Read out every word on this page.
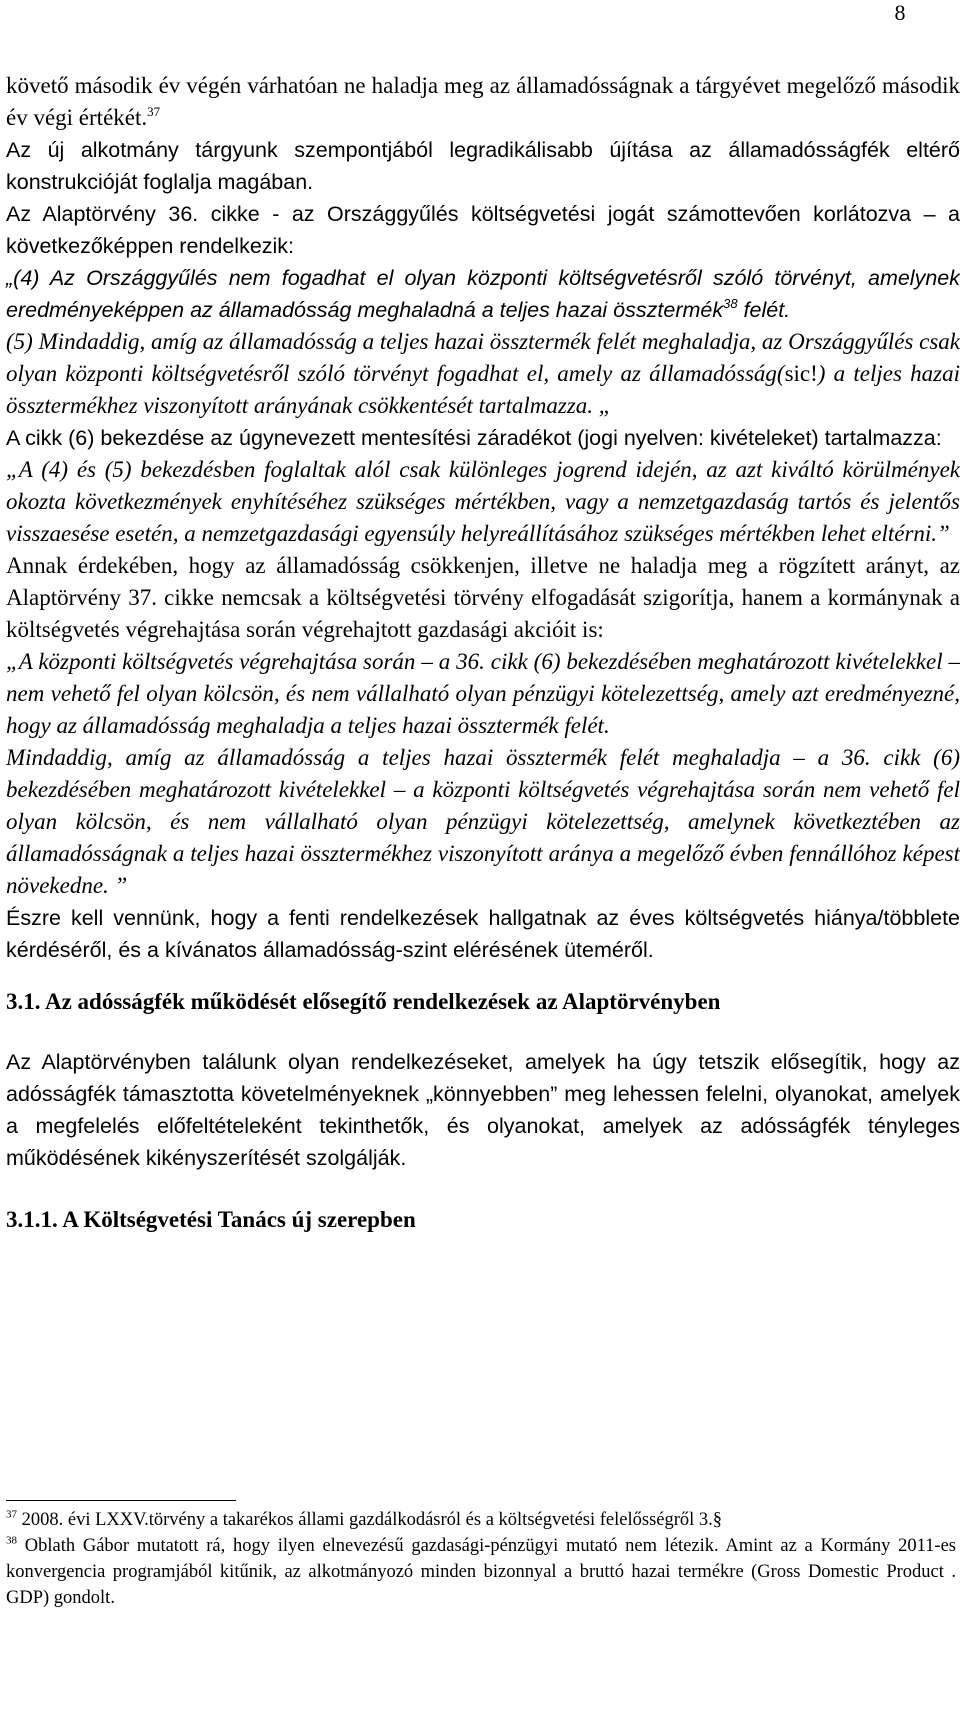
8

követő második év végén várhatóan ne haladja meg az államadósságnak a tárgyévet megelőző második év végi értékét.$^{37}$

Az új alkotmány tárgyunk szempontjából legradikálisabb újítása az államadósságfék eltérő konstrukcióját foglalja magában.

Az Alaptörvény 36. cikke - az Országgyűlés költségvetési jogát számottevően korlátozva – a következőképpen rendelkezik:

„(4) Az Országgyűlés nem fogadhat el olyan központi költségvetésről szóló törvényt, amelynek eredményeképpen az államadósság meghaladná a teljes hazai össztermék$^{38}$ felét.

(5) Mindaddig, amíg az államadósság a teljes hazai össztermék felét meghaladja, az Országgyűlés csak olyan központi költségvetésről szóló törvényt fogadhat el, amely az államadósság(sic!) a teljes hazai össztermékhez viszonyított arányának csökkentését tartalmazza. „

A cikk (6) bekezdése az úgynevezett mentesítési záradékot (jogi nyelven: kivételeket) tartalmazza:

„A (4) és (5) bekezdésben foglaltak alól csak különleges jogrend idején, az azt kiváltó körülmények okozta következmények enyhítéséhez szükséges mértékben, vagy a nemzetgazdaság tartós és jelentős visszaesése esetén, a nemzetgazdasági egyensúly helyreállításához szükséges mértékben lehet eltérni.”

Annak érdekében, hogy az államadósság csökkenjen, illetve ne haladja meg a rögzített arányt, az Alaptörvény 37. cikke nemcsak a költségvetési törvény elfogadását szigorítja, hanem a kormánynak a költségvetés végrehajtása során végrehajtott gazdasági akcióit is:

„A központi költségvetés végrehajtása során – a 36. cikk (6) bekezdésében meghatározott kivételekkel – nem vehető fel olyan kölcsön, és nem vállalható olyan pénzügyi kötelezettség, amely azt eredményezné, hogy az államadósság meghaladja a teljes hazai össztermék felét.

Mindaddig, amíg az államadósság a teljes hazai össztermék felét meghaladja – a 36. cikk (6) bekezdésében meghatározott kivételekkel – a központi költségvetés végrehajtása során nem vehető fel olyan kölcsön, és nem vállalható olyan pénzügyi kötelezettség, amelynek következtében az államadósságnak a teljes hazai össztermékhez viszonyított aránya a megelőző évben fennállóhoz képest növekedne. ”

Észre kell vennünk, hogy a fenti rendelkezések hallgatnak az éves költségvetés hiánya/többlete kérdéséről, és a kívánatos államadósság-szint elérésének üteméről.

3.1. Az adósságfék működését elősegítő rendelkezések az Alaptörvényben

Az Alaptörvényben találunk olyan rendelkezéseket, amelyek ha úgy tetszik elősegítik, hogy az adósságfék támasztotta követelményeknek „könnyebben” meg lehessen felelni, olyanokat, amelyek a megfelelés előfeltételeként tekinthetők, és olyanokat, amelyek az adósságfék tényleges működésének kikényszerítését szolgálják.

3.1.1. A Költségvetési Tanács új szerepben

$^{37}$ 2008. évi LXXV.törvény a takarékos állami gazdálkodásról és a költségvetési felelősségről 3.§

$^{38}$ Oblath Gábor mutatott rá, hogy ilyen elnevezésű gazdasági-pénzügyi mutató nem létezik. Amint az a Kormány 2011-es konvergencia programjából kitűnik, az alkotmányozó minden bizonnyal a bruttó hazai termékre (Gross Domestic Product . GDP) gondolt.
